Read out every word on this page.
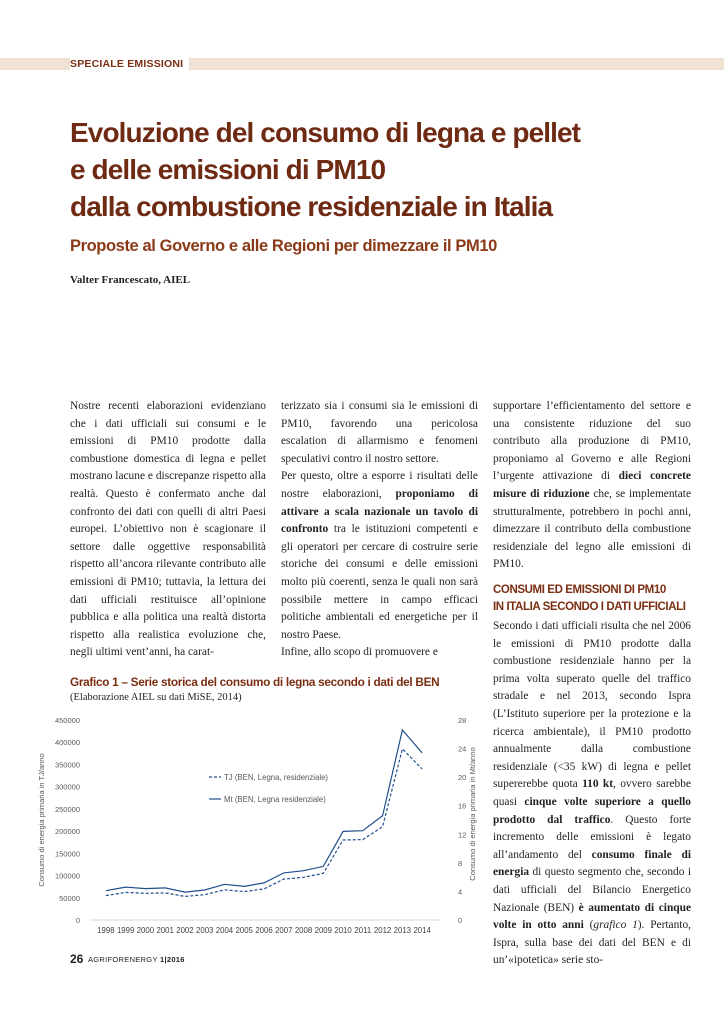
SPECIALE EMISSIONI
Evoluzione del consumo di legna e pellet
e delle emissioni di PM10
dalla combustione residenziale in Italia
Proposte al Governo e alle Regioni per dimezzare il PM10
Valter Francescato, AIEL

Nostre recenti elaborazioni evidenziano che i dati ufficiali sui consumi e le emissioni di PM10 prodotte dalla combustione domestica di legna e pellet mostrano lacune e discrepanze rispetto alla realtà. Questo è confermato anche dal confronto dei dati con quelli di altri Paesi europei. L’obiettivo non è scagionare il settore dalle oggettive responsabilità rispetto all’ancora rilevante contributo alle emissioni di PM10; tuttavia, la lettura dei dati ufficiali restituisce all’opinione pubblica e alla politica una realtà distorta rispetto alla realistica evoluzione che, negli ultimi vent’anni, ha carat-

terizzato sia i consumi sia le emissioni di PM10, favorendo una pericolosa escalation di allarmismo e fenomeni speculativi contro il nostro settore.

Per questo, oltre a esporre i risultati delle nostre elaborazioni, proponiamo di attivare a scala nazionale un tavolo di confronto tra le istituzioni competenti e gli operatori per cercare di costruire serie storiche dei consumi e delle emissioni molto più coerenti, senza le quali non sarà possibile mettere in campo efficaci politiche ambientali ed energetiche per il nostro Paese.

Infine, allo scopo di promuovere e

supportare l’efficientamento del settore e una consistente riduzione del suo contributo alla produzione di PM10, proponiamo al Governo e alle Regioni l’urgente attivazione di dieci concrete misure di riduzione che, se implementate strutturalmente, potrebbero in pochi anni, dimezzare il contributo della combustione residenziale del legno alle emissioni di PM10.

CONSUMI ED EMISSIONI DI PM10
IN ITALIA SECONDO I DATI UFFICIALI
Secondo i dati ufficiali risulta che nel 2006 le emissioni di PM10 prodotte dalla combustione residenziale hanno per la prima volta superato quelle del traffico stradale e nel 2013, secondo Ispra (L’Istituto superiore per la protezione e la ricerca ambientale), il PM10 prodotto annualmente dalla combustione residenziale (<35 kW) di legna e pellet supererebbe quota 110 kt, ovvero sarebbe quasi cinque volte superiore a quello prodotto dal traffico. Questo forte incremento delle emissioni è legato all’andamento del consumo finale di energia di questo segmento che, secondo i dati ufficiali del Bilancio Energetico Nazionale (BEN) è aumentato di cinque volte in otto anni (grafico 1). Pertanto, Ispra, sulla base dei dati del BEN e di un’«ipotetica» serie sto-
Grafico 1 – Serie storica del consumo di legna secondo i dati del BEN
(Elaborazione AIEL su dati MiSE, 2014)
0
50000
100000
150000
200000
250000
300000
350000
400000
450000
0
4
8
12
16
20
24
28
1998 1999 2000 2001 2002 2003 2004 2005 2006 2007 2008 2009 2010 2011 2012 2013 2014
Consumo di energia primaria in TJ/anno	Consumo di energia primaria in Mt/anno
TJ (BEN, Legna, residenziale)
Mt (BEN, Legna residenziale)
26 AGRIFORENERGY 1|2016
